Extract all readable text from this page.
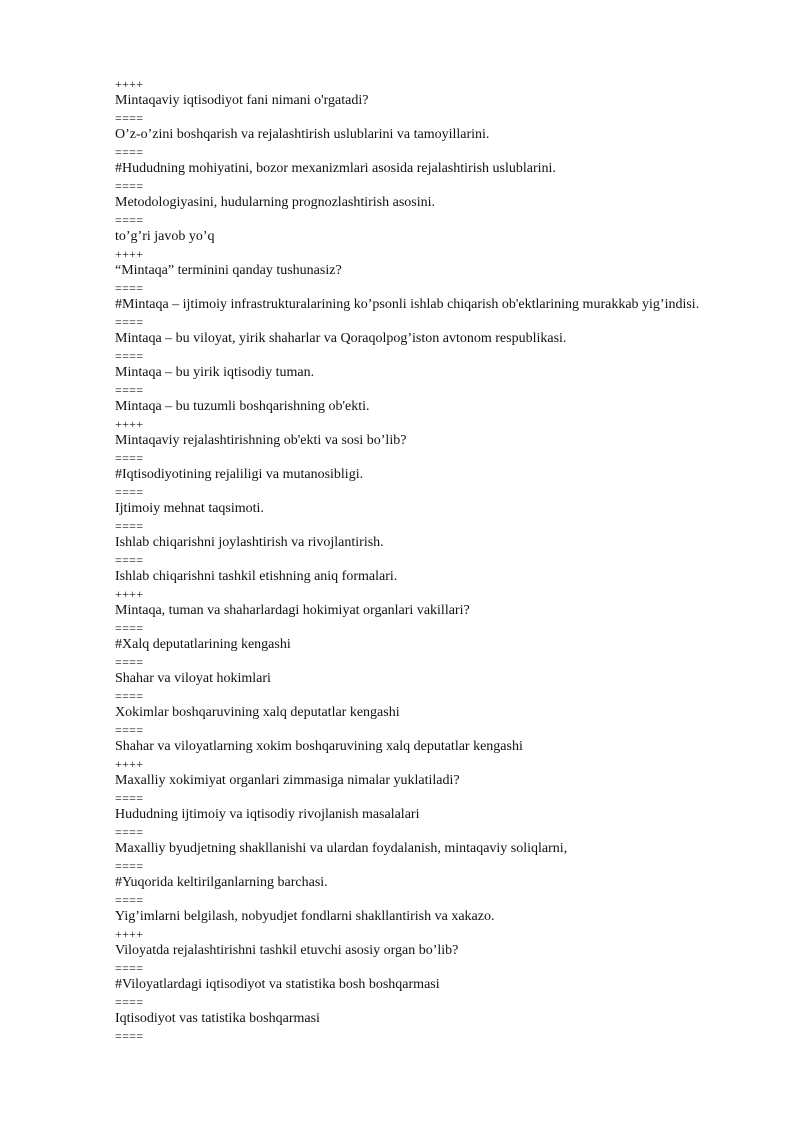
++++
Mintaqaviy iqtisodiyot fani nimani o'rgatadi?
====
O’z-o’zini boshqarish va rejalashtirish uslublarini va tamoyillarini.
====
#Hududning mohiyatini, bozor mexanizmlari asosida rejalashtirish uslublarini.
====
Metodologiyasini, hudularning prognozlashtirish asosini.
====
to’g’ri javob yo’q
++++
“Mintaqa” terminini qanday tushunasiz?
====
#Mintaqa – ijtimoiy infrastrukturalarining ko’psonli ishlab chiqarish ob'ektlarining murakkab yig’indisi.
====
Mintaqa – bu viloyat, yirik shaharlar va Qoraqolpog’iston avtonom respublikasi.
====
Mintaqa – bu yirik iqtisodiy tuman.
====
Mintaqa – bu tuzumli boshqarishning ob'ekti.
++++
Mintaqaviy rejalashtirishning ob'ekti va sosi bo’lib?
====
#Iqtisodiyotining rejaliligi va mutanosibligi.
====
Ijtimoiy mehnat taqsimoti.
====
Ishlab chiqarishni joylashtirish va rivojlantirish.
====
Ishlab chiqarishni tashkil etishning aniq formalari.
++++
Mintaqa, tuman va shaharlardagi hokimiyat organlari vakillari?
====
#Xalq deputatlarining kengashi
====
Shahar va viloyat hokimlari
====
Xokimlar boshqaruvining xalq deputatlar kengashi
====
Shahar va viloyatlarning xokim boshqaruvining xalq deputatlar kengashi
++++
Maxalliy xokimiyat organlari zimmasiga nimalar yuklatiladi?
====
Hududning ijtimoiy va iqtisodiy rivojlanish masalalari
====
Maxalliy byudjetning shakllanishi va ulardan foydalanish, mintaqaviy soliqlarni,
====
#Yuqorida keltirilganlarning barchasi.
====
Yig’imlarni belgilash, nobyudjet fondlarni shakllantirish va xakazo.
++++
Viloyatda rejalashtirishni tashkil etuvchi asosiy organ bo’lib?
====
#Viloyatlardagi iqtisodiyot va statistika bosh boshqarmasi
====
Iqtisodiyot vas tatistika boshqarmasi
====
